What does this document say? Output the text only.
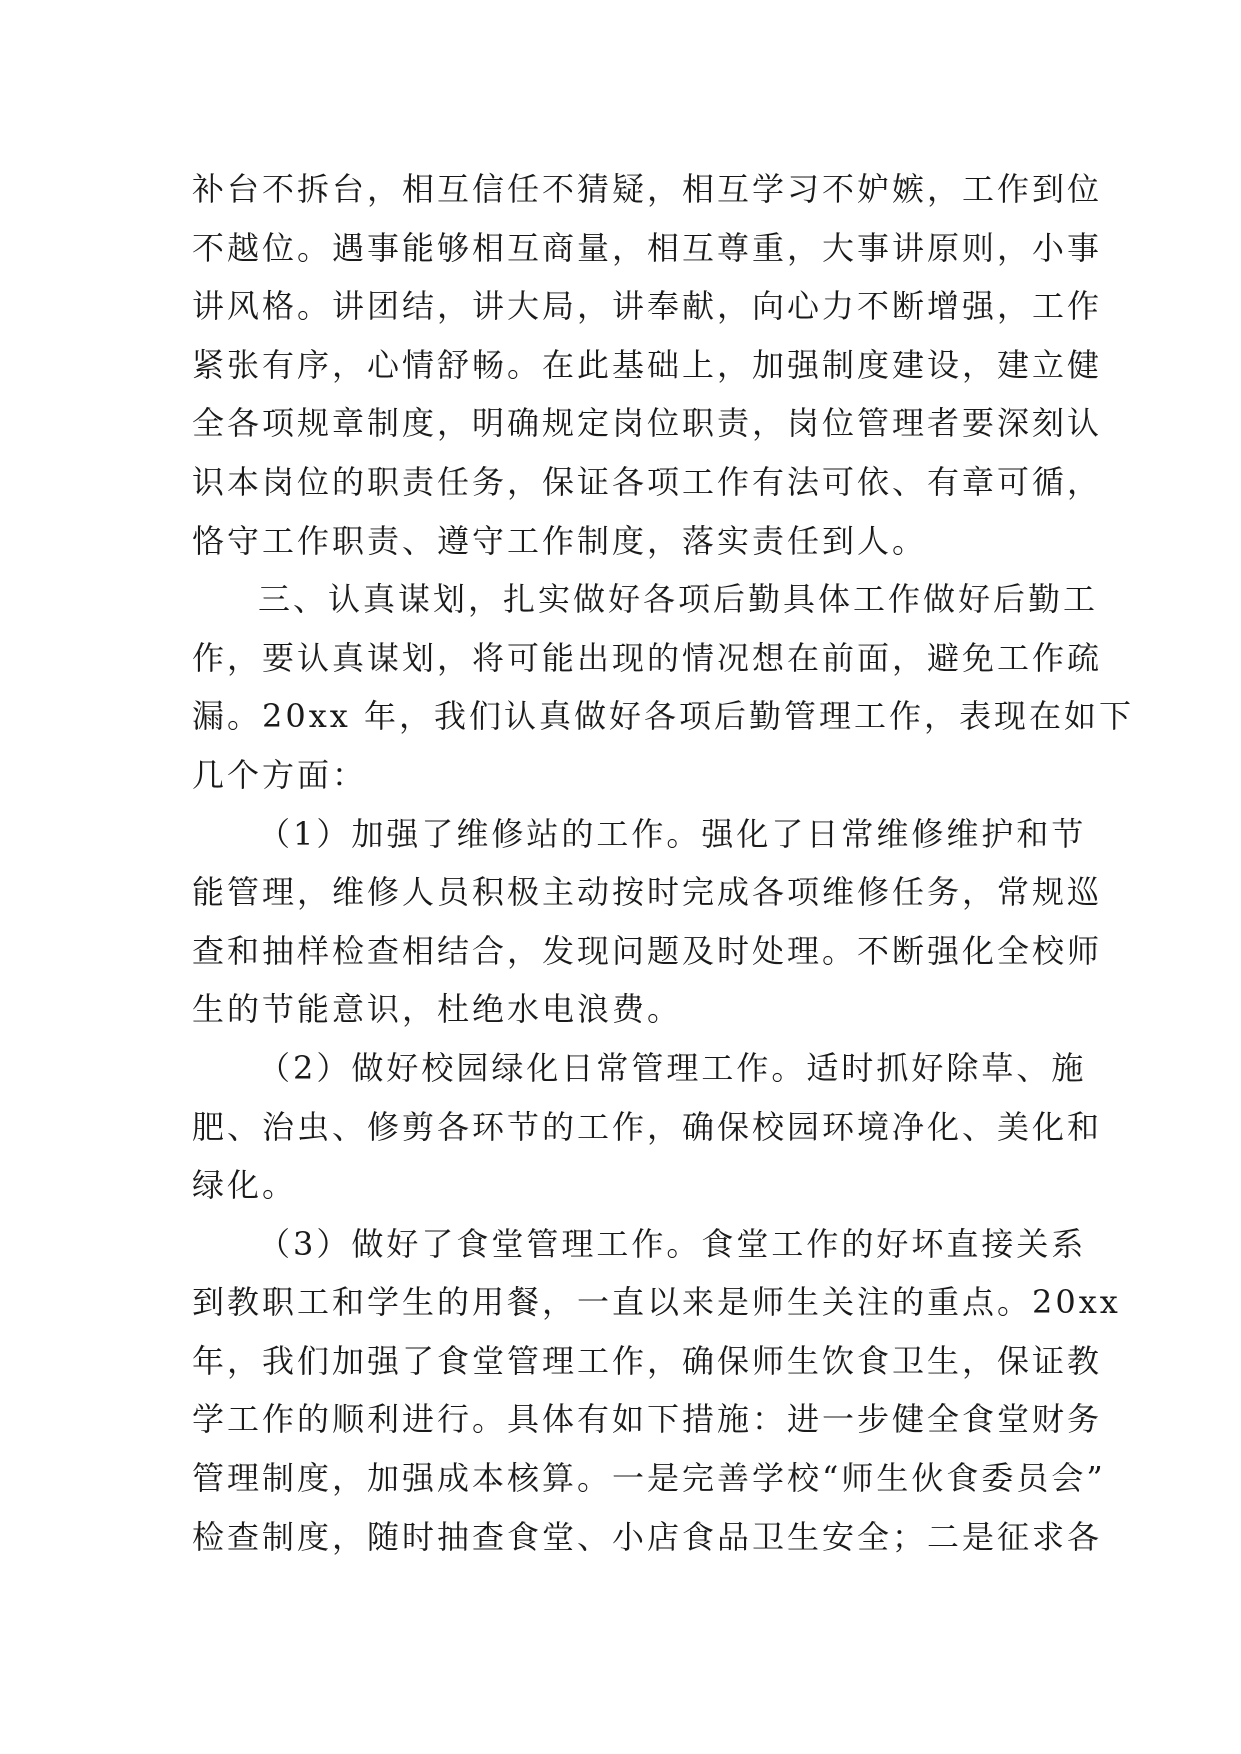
补台不拆台，相互信任不猜疑，相互学习不妒嫉，工作到位
不越位。遇事能够相互商量，相互尊重，大事讲原则，小事
讲风格。讲团结，讲大局，讲奉献，向心力不断增强，工作
紧张有序，心情舒畅。在此基础上，加强制度建设，建立健
全各项规章制度，明确规定岗位职责，岗位管理者要深刻认
识本岗位的职责任务，保证各项工作有法可依、有章可循，
恪守工作职责、遵守工作制度，落实责任到人。
三、认真谋划，扎实做好各项后勤具体工作做好后勤工
作，要认真谋划，将可能出现的情况想在前面，避免工作疏
漏。20xx 年，我们认真做好各项后勤管理工作，表现在如下
几个方面：
（1）加强了维修站的工作。强化了日常维修维护和节
能管理，维修人员积极主动按时完成各项维修任务，常规巡
查和抽样检查相结合，发现问题及时处理。不断强化全校师
生的节能意识，杜绝水电浪费。
（2）做好校园绿化日常管理工作。适时抓好除草、施
肥、治虫、修剪各环节的工作，确保校园环境净化、美化和
绿化。
（3）做好了食堂管理工作。食堂工作的好坏直接关系
到教职工和学生的用餐，一直以来是师生关注的重点。20xx
年，我们加强了食堂管理工作，确保师生饮食卫生，保证教
学工作的顺利进行。具体有如下措施：进一步健全食堂财务
管理制度，加强成本核算。一是完善学校“师生伙食委员会”
检查制度，随时抽查食堂、小店食品卫生安全；二是征求各
